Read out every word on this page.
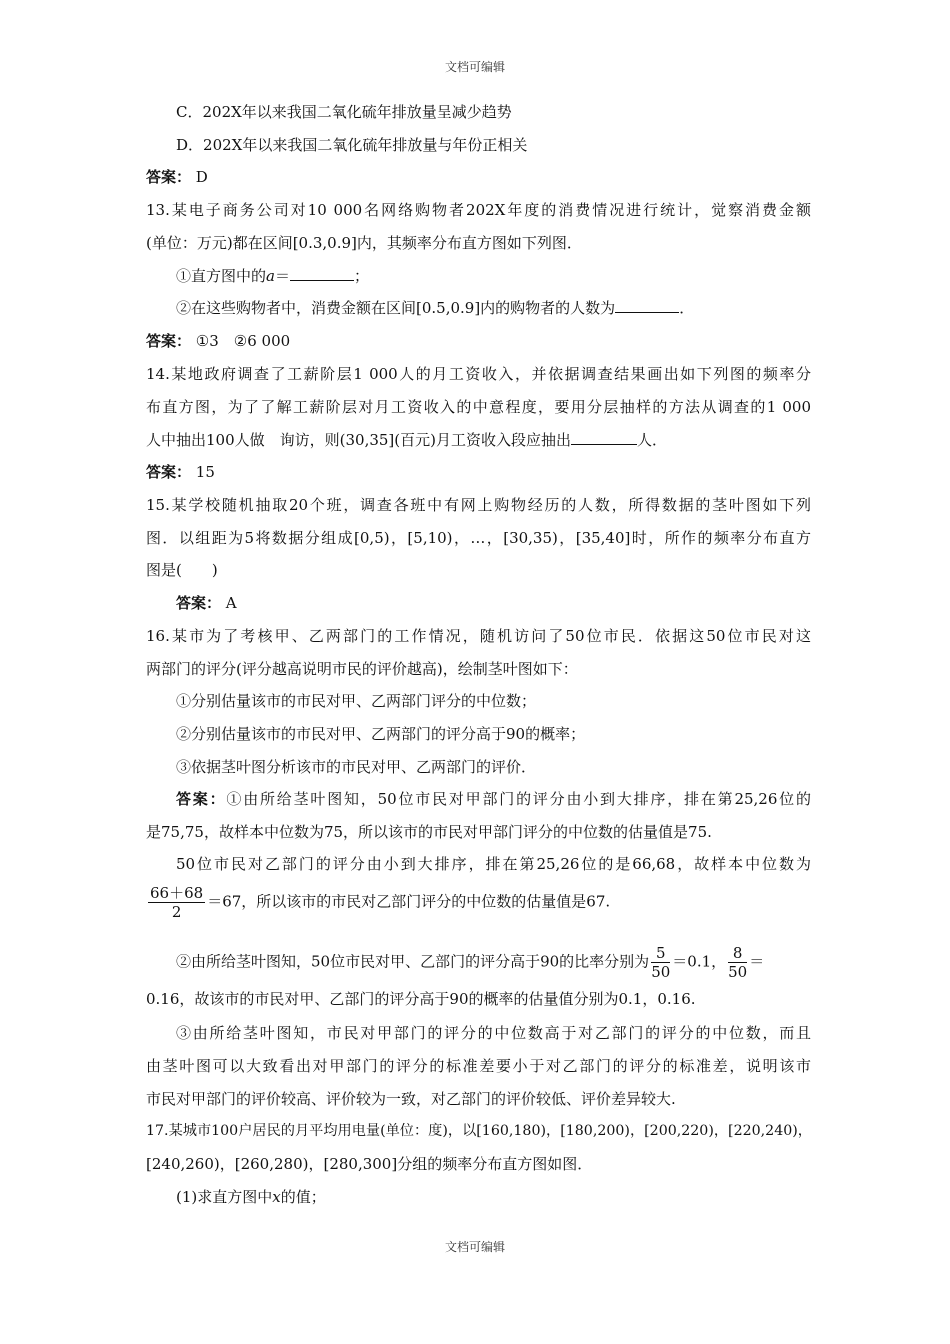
文档可编辑
C．202X年以来我国二氧化硫年排放量呈减少趋势
D．202X年以来我国二氧化硫年排放量与年份正相关
答案： D
13.某电子商务公司对10 000名网络购物者202X年度的消费情况进行统计，觉察消费金额
(单位：万元)都在区间[0.3,0.9]内，其频率分布直方图如下列图．
①直方图中的a＝	；
②在这些购物者中，消费金额在区间[0.5,0.9]内的购物者的人数为	．
答案： ①3　②6 000
14.某地政府调查了工薪阶层1 000人的月工资收入，并依据调查结果画出如下列图的频率分
布直方图，为了了解工薪阶层对月工资收入的中意程度，要用分层抽样的方法从调查的1 000
人中抽出100人做　询访，则(30,35](百元)月工资收入段应抽出	人．
答案： 15
15.某学校随机抽取20个班，调查各班中有网上购物经历的人数，所得数据的茎叶图如下列
图．以组距为5将数据分组成[0,5)，[5,10)，…，[30,35)，[35,40]时，所作的频率分布直方
图是(　　)
答案： A
16.某市为了考核甲、乙两部门的工作情况，随机访问了50位市民．依据这50位市民对这
两部门的评分(评分越高说明市民的评价越高)，绘制茎叶图如下：
①分别估量该市的市民对甲、乙两部门评分的中位数；
②分别估量该市的市民对甲、乙两部门的评分高于90的概率；
③依据茎叶图分析该市的市民对甲、乙两部门的评价．
答案：①由所给茎叶图知，50位市民对甲部门的评分由小到大排序，排在第25,26位的
是75,75，故样本中位数为75，所以该市的市民对甲部门评分的中位数的估量值是75.
50位市民对乙部门的评分由小到大排序，排在第25,26位的是66,68，故样本中位数为
$\frac{66+68}{2} =67$，所以该市的市民对乙部门评分的中位数的估量值是67.
②由所给茎叶图知，50位市民对甲、乙部门的评分高于90的比率分别为 $\frac{5}{50} =0.1$， $\frac{8}{50}$ ＝
0.16，故该市的市民对甲、乙部门的评分高于90的概率的估量值分别为0.1，0.16.
③由所给茎叶图知，市民对甲部门的评分的中位数高于对乙部门的评分的中位数，而且
由茎叶图可以大致看出对甲部门的评分的标准差要小于对乙部门的评分的标准差，说明该市
市民对甲部门的评价较高、评价较为一致，对乙部门的评价较低、评价差异较大.
17.某城市100户居民的月平均用电量(单位：度)，以[160,180)，[180,200)，[200,220)，[220,240)，
[240,260)，[260,280)，[280,300]分组的频率分布直方图如图．
(1)求直方图中x的值；
文档可编辑
